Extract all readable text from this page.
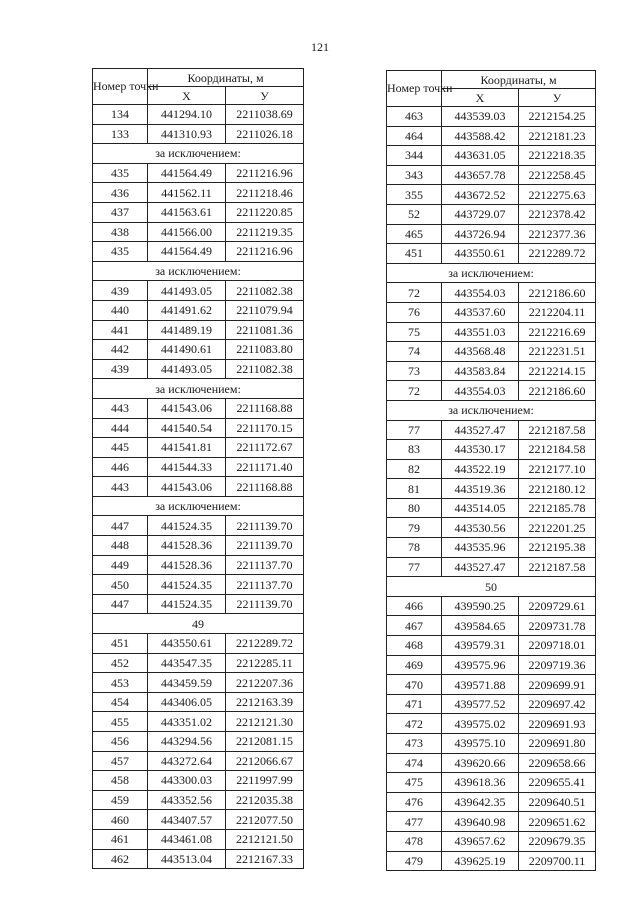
121
Номер точки	Координаты, м	
	X	У
134	441294.10	2211038.69
133	441310.93	2211026.18
за исключением:		
435	441564.49	2211216.96
436	441562.11	2211218.46
437	441563.61	2211220.85
438	441566.00	2211219.35
435	441564.49	2211216.96
за исключением:		
439	441493.05	2211082.38
440	441491.62	2211079.94
441	441489.19	2211081.36
442	441490.61	2211083.80
439	441493.05	2211082.38
за исключением:		
443	441543.06	2211168.88
444	441540.54	2211170.15
445	441541.81	2211172.67
446	441544.33	2211171.40
443	441543.06	2211168.88
за исключением:		
447	441524.35	2211139.70
448	441528.36	2211139.70
449	441528.36	2211137.70
450	441524.35	2211137.70
447	441524.35	2211139.70
49		
451	443550.61	2212289.72
452	443547.35	2212285.11
453	443459.59	2212207.36
454	443406.05	2212163.39
455	443351.02	2212121.30
456	443294.56	2212081.15
457	443272.64	2212066.67
458	443300.03	2211997.99
459	443352.56	2212035.38
460	443407.57	2212077.50
461	443461.08	2212121.50
462	443513.04	2212167.33
Номер точки	Координаты, м	
	X	У
463	443539.03	2212154.25
464	443588.42	2212181.23
344	443631.05	2212218.35
343	443657.78	2212258.45
355	443672.52	2212275.63
52	443729.07	2212378.42
465	443726.94	2212377.36
451	443550.61	2212289.72
за исключением:		
72	443554.03	2212186.60
76	443537.60	2212204.11
75	443551.03	2212216.69
74	443568.48	2212231.51
73	443583.84	2212214.15
72	443554.03	2212186.60
за исключением:		
77	443527.47	2212187.58
83	443530.17	2212184.58
82	443522.19	2212177.10
81	443519.36	2212180.12
80	443514.05	2212185.78
79	443530.56	2212201.25
78	443535.96	2212195.38
77	443527.47	2212187.58
50		
466	439590.25	2209729.61
467	439584.65	2209731.78
468	439579.31	2209718.01
469	439575.96	2209719.36
470	439571.88	2209699.91
471	439577.52	2209697.42
472	439575.02	2209691.93
473	439575.10	2209691.80
474	439620.66	2209658.66
475	439618.36	2209655.41
476	439642.35	2209640.51
477	439640.98	2209651.62
478	439657.62	2209679.35
479	439625.19	2209700.11
